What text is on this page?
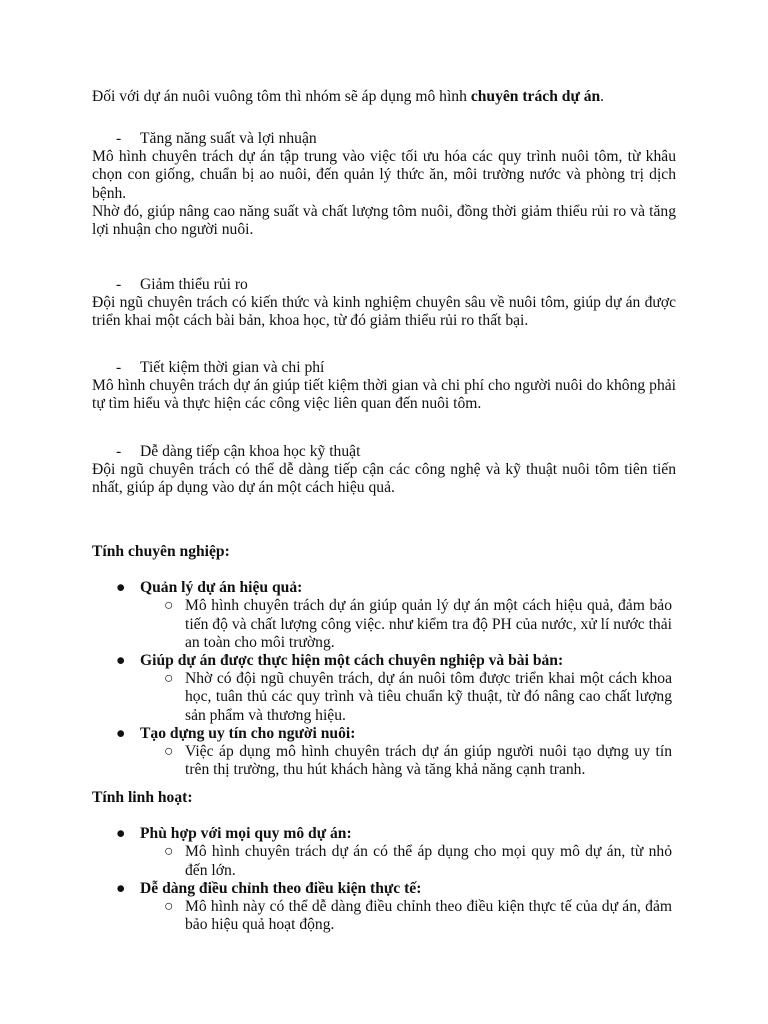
Đối với dự án nuôi vuông tôm thì nhóm sẽ áp dụng mô hình chuyên trách dự án.

- Tăng năng suất và lợi nhuận

Mô hình chuyên trách dự án tập trung vào việc tối ưu hóa các quy trình nuôi tôm, từ khâu chọn con giống, chuẩn bị ao nuôi, đến quản lý thức ăn, môi trường nước và phòng trị dịch bệnh.

Nhờ đó, giúp nâng cao năng suất và chất lượng tôm nuôi, đồng thời giảm thiểu rủi ro và tăng lợi nhuận cho người nuôi.

- Giảm thiểu rủi ro

Đội ngũ chuyên trách có kiến thức và kinh nghiệm chuyên sâu về nuôi tôm, giúp dự án được triển khai một cách bài bản, khoa học, từ đó giảm thiểu rủi ro thất bại.

- Tiết kiệm thời gian và chi phí

Mô hình chuyên trách dự án giúp tiết kiệm thời gian và chi phí cho người nuôi do không phải tự tìm hiểu và thực hiện các công việc liên quan đến nuôi tôm.

- Dễ dàng tiếp cận khoa học kỹ thuật

Đội ngũ chuyên trách có thể dễ dàng tiếp cận các công nghệ và kỹ thuật nuôi tôm tiên tiến nhất, giúp áp dụng vào dự án một cách hiệu quả.

Tính chuyên nghiệp:

● Quản lý dự án hiệu quả:
○ Mô hình chuyên trách dự án giúp quản lý dự án một cách hiệu quả, đảm bảo tiến độ và chất lượng công việc. như kiểm tra độ PH của nước, xử lí nước thải an toàn cho môi trường.
● Giúp dự án được thực hiện một cách chuyên nghiệp và bài bản:
○ Nhờ có đội ngũ chuyên trách, dự án nuôi tôm được triển khai một cách khoa học, tuân thủ các quy trình và tiêu chuẩn kỹ thuật, từ đó nâng cao chất lượng sản phẩm và thương hiệu.
● Tạo dựng uy tín cho người nuôi:
○ Việc áp dụng mô hình chuyên trách dự án giúp người nuôi tạo dựng uy tín trên thị trường, thu hút khách hàng và tăng khả năng cạnh tranh.

Tính linh hoạt:

● Phù hợp với mọi quy mô dự án:
○ Mô hình chuyên trách dự án có thể áp dụng cho mọi quy mô dự án, từ nhỏ đến lớn.
● Dễ dàng điều chỉnh theo điều kiện thực tế:
○ Mô hình này có thể dễ dàng điều chỉnh theo điều kiện thực tế của dự án, đảm bảo hiệu quả hoạt động.
